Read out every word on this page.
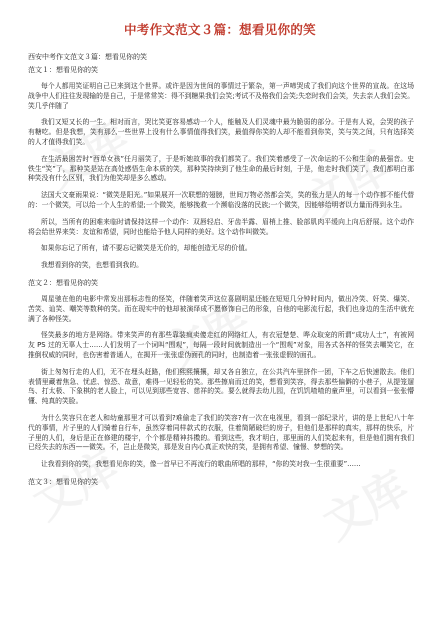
中考作文范文３篇：想看见你的笑
西安中考作文范文３篇：想看见你的笑
范文１：想看见你的笑

每个人都用笑证明自己已来到这个世界。或许是因为世间的事情过于繁杂，第一声啼哭成了我们向这个世界的宣战。在这场战争中人们往往发现输的是自己，于是常常笑：得不到糖果我们会笑;考试不及格我们会笑;失恋时我们会笑，失去亲人我们会笑。笑几乎伴随了

我们又短又长的一生。相对而言，哭比笑更容易感动一个人，能触及人们灵魂中最为脆弱的部分。于是有人说，会哭的孩子有糖吃。但是我想，笑有那么一些世界上没有什么事情值得我们笑，最值得你笑的人却不能看到你笑，笑与笑之间，只有选择笑的人才值得我们笑。

在生活最困苦时“西单女孩”任月丽笑了，于是听她故事的我们都笑了。我们笑着感受了一次命运的不公和生命的最强音。史铁生“笑”了，那种笑是站在高处感悟生命本质的笑，那种笑持续到了他生命的最后时刻，于是，他走时我们笑了，我们都明白那种笑没有什么区别，我们为他笑却是多么感动。

法国大文豪雨果说：“微笑是阳光。”如果展开一次联想的翅膀，世间万物必然都会笑，笑的张力是人的每一个动作都不能代替的：一个微笑，可以给一个人生的希望;一个微笑，能够挽救一个濒临没落的民族;一个微笑，因能够给明者以力量而得到永生。

所以，当所有的困难来临时请保持这样一个动作：双唇轻启、牙齿半露、眉梢上推、脸部肌肉平缓向上向后舒展。这个动作将会给世界来笑：友谊和希望，同时也能给予他人同样的美好。这个动作叫微笑。

如果你忘记了所有，请不要忘记微笑是无价的，却能创造无尽的价值。

我想看到你的笑，也想看到我的。

范文２：想看见你的笑

周星驰在他的电影中常发出那标志性的怪笑，伴随着笑声这位喜剧明星还能在短短几分钟时间内，做出冷笑、奸笑、爆笑、苦笑、讪笑、嘲笑等数种的笑。而在现实中的他却被演绎成不愿修饰自己的形象，自他的电影流行起，我们也身边的生活中就充满了各种怪笑。

怪笑最多的地方是网络。带来笑声的有那些靠装疯卖傻走红的网络红人，有衣冠楚楚、哗众取宠的所谓“成功人士”，有被网友 PS 过的无辜人士……人们发明了一个词叫“围观”，每隔一段时间就制造出一个“围观”对象，用各式各样的怪笑去嘲笑它，在推倒权威的同时，也伤害着普通人，在揭开一张张虚伪面孔的同时，也制造着一张张虚假的面孔。

街上匆匆行走的人们，无不在埋头赶路，他们熙熙攘攘，却又各自独立，在公共汽车里挤作一团，下车之后快速散去。他们表情里藏着焦急、忧虑、惊恐、故意，难得一见轻松的笑。那些擦肩而过的笑，想看到笑容，得去那些偏僻的小巷子，从提笼遛鸟、打太极、下象棋的老人脸上，可以见到那些宽容、慈祥的笑。要么就得去幼儿园，在饥饥喳喳的童声里，可以看到一张张懵懂、纯真的笑脸。

为什么笑容只在老人和幼童那里才可以看到?难偷走了我们的笑容?有一次在电视里，看到一部纪录片，讲的是上世纪八十年代的事情，片子里的人们骑着自行车，虽然穿着同样款式的衣服，住着简陋破烂的房子，但他们是那样的真实，那样的快乐，片子里的人们，身后是正在修建的楼宇，个个都是精神抖擞的。看到这些，我才明白，那里面的人们笑起来有，但是他们拥有我们已经失去的东西——微笑。不，岂止是微笑，那是发自内心真正欢快的笑，是拥有希望、憧憬、梦想的笑。

让我看到你的笑，我想看见你的笑，像一首早已不再流行的歌曲所唱的那样，“你的笑对我一生很重要”……

范文３：想看见你的笑
